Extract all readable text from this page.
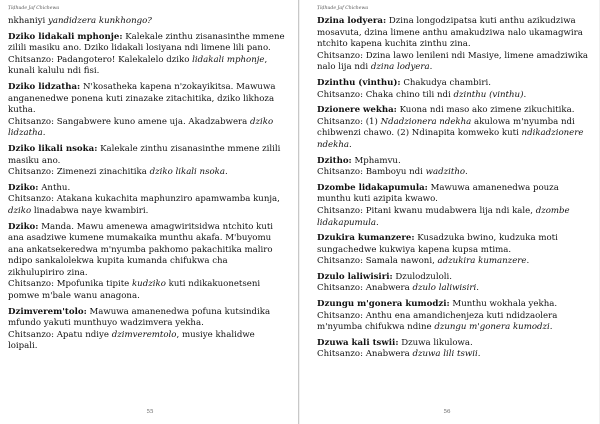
Ṭiḍhude Jaf Chichewa

nkhaniyi yandidzera kunkhongo?

Dziko lidakali mphonje: Kalekale zinthu zisanasinthe mmene zilili masiku ano. Dziko lidakali losiyana ndi limene lili pano.

Chitsanzo: Padangotero! Kalekalelo dziko lidakali mphonje, kunali kalulu ndi fisi.

Dziko lidzatha: N'kosatheka kapena n'zokayikitsa. Mawuwa anganenedwe ponena kuti zinazake zitachitika, dziko likhoza kutha.

Chitsanzo: Sangabwere kuno amene uja. Akadzabwera dziko lidzatha.

Dziko likali nsoka: Kalekale zinthu zisanasinthe mmene zilili masiku ano.

Chitsanzo: Zimenezi zinachitika dziko likali nsoka.

Dziko: Anthu.

Chitsanzo: Atakana kukachita maphunziro apamwamba kunja, dziko linadabwa naye kwambiri.

Dziko: Manda. Mawu amenewa amagwiritsidwa ntchito kuti ana asadziwe kumene mumakaika munthu akafa. M'buyomu ana ankatsekeredwa m'nyumba pakhomo pakachitika maliro ndipo sankalolekwa kupita kumanda chifukwa cha zikhulupiriro zina.

Chitsanzo: Mpofunika tipite kudziko kuti ndikakuonetseni pomwe m'bale wanu anagona.

Dzimverem'tolo: Mawuwa amanenedwa pofuna kutsindika mfundo yakuti munthuyo wadzimvera yekha.

Chitsanzo: Apatu ndiye dzimveremtolo, musiye khalidwe loipali.

55
Ṭiḍhude Jaf Chichewa

Dzina lodyera: Dzina longodzipatsa kuti anthu azikudziwa mosavuta, dzina limene anthu amakudziwa nalo ukamagwira ntchito kapena kuchita zinthu zina.

Chitsanzo: Dzina lawo lenileni ndi Masiye, limene amadziwika nalo lija ndi dzina lodyera.

Dzinthu (vinthu): Chakudya chambiri.

Chitsanzo: Chaka chino tili ndi dzinthu (vinthu).

Dzionere wekha: Kuona ndi maso ako zimene zikuchitika.

Chitsanzo: (1) Ndadzionera ndekha akulowa m'nyumba ndi chibwenzi chawo. (2) Ndinapita komweko kuti ndikadzionere ndekha.

Dzitho: Mphamvu.

Chitsanzo: Bamboyu ndi wadzitho.

Dzombe lidakapumula: Mawuwa amanenedwa pouza munthu kuti azipita kwawo.

Chitsanzo: Pitani kwanu mudabwera lija ndi kale, dzombe lidakapumula.

Dzukira kumanzere: Kusadzuka bwino, kudzuka moti sungachedwe kukwiya kapena kupsa mtima.

Chitsanzo: Samala nawoni, adzukira kumanzere.

Dzulo laliwisiri: Dzulodzuloli.

Chitsanzo: Anabwera dzulo laliwisiri.

Dzungu m'gonera kumodzi: Munthu wokhala yekha.

Chitsanzo: Anthu ena amandichenjeza kuti ndidzaolera m'nyumba chifukwa ndine dzungu m'gonera kumodzi.

Dzuwa kali tswii: Dzuwa likulowa.

Chitsanzo: Anabwera dzuwa lili tswii.

56
